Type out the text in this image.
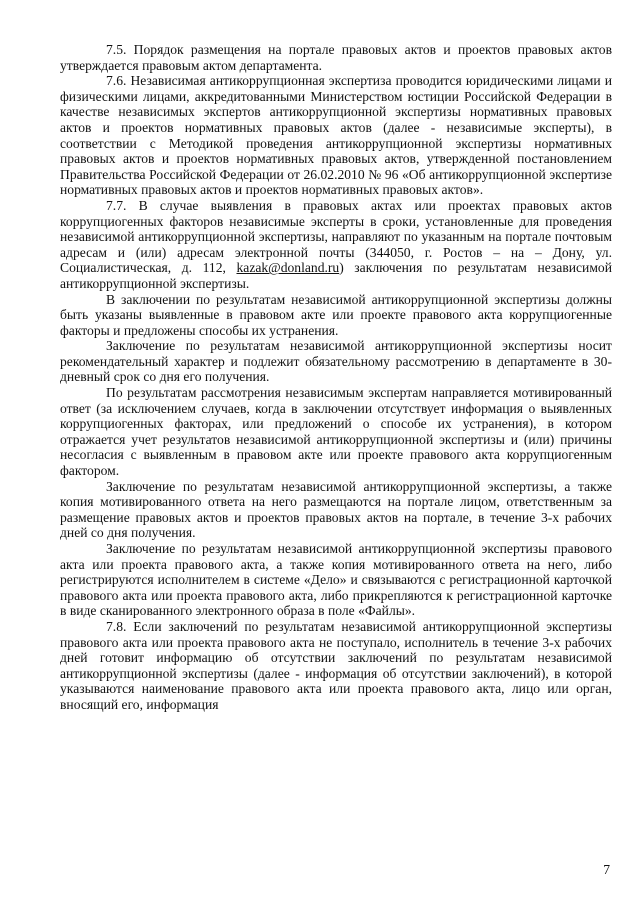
7.5. Порядок размещения на портале правовых актов и проектов правовых актов утверждается правовым актом департамента.

7.6. Независимая антикоррупционная экспертиза проводится юридическими лицами и физическими лицами, аккредитованными Министерством юстиции Российской Федерации в качестве независимых экспертов антикоррупционной экспертизы нормативных правовых актов и проектов нормативных правовых актов (далее - независимые эксперты), в соответствии с Методикой проведения антикоррупционной экспертизы нормативных правовых актов и проектов нормативных правовых актов, утвержденной постановлением Правительства Российской Федерации от 26.02.2010 № 96 «Об антикоррупционной экспертизе нормативных правовых актов и проектов нормативных правовых актов».

7.7. В случае выявления в правовых актах или проектах правовых актов коррупциогенных факторов независимые эксперты в сроки, установленные для проведения независимой антикоррупционной экспертизы, направляют по указанным на портале почтовым адресам и (или) адресам электронной почты (344050, г. Ростов – на – Дону, ул. Социалистическая, д. 112, kazak@donland.ru) заключения по результатам независимой антикоррупционной экспертизы.

В заключении по результатам независимой антикоррупционной экспертизы должны быть указаны выявленные в правовом акте или проекте правового акта коррупциогенные факторы и предложены способы их устранения.

Заключение по результатам независимой антикоррупционной экспертизы носит рекомендательный характер и подлежит обязательному рассмотрению в департаменте в 30-дневный срок со дня его получения.

По результатам рассмотрения независимым экспертам направляется мотивированный ответ (за исключением случаев, когда в заключении отсутствует информация о выявленных коррупциогенных факторах, или предложений о способе их устранения), в котором отражается учет результатов независимой антикоррупционной экспертизы и (или) причины несогласия с выявленным в правовом акте или проекте правового акта коррупциогенным фактором.

Заключение по результатам независимой антикоррупционной экспертизы, а также копия мотивированного ответа на него размещаются на портале лицом, ответственным за размещение правовых актов и проектов правовых актов на портале, в течение 3-х рабочих дней со дня получения.

Заключение по результатам независимой антикоррупционной экспертизы правового акта или проекта правового акта, а также копия мотивированного ответа на него, либо регистрируются исполнителем в системе «Дело» и связываются с регистрационной карточкой правового акта или проекта правового акта, либо прикрепляются к регистрационной карточке в виде сканированного электронного образа в поле «Файлы».

7.8. Если заключений по результатам независимой антикоррупционной экспертизы правового акта или проекта правового акта не поступало, исполнитель в течение 3-х рабочих дней готовит информацию об отсутствии заключений по результатам независимой антикоррупционной экспертизы (далее - информация об отсутствии заключений), в которой указываются наименование правового акта или проекта правового акта, лицо или орган, вносящий его, информация

7
